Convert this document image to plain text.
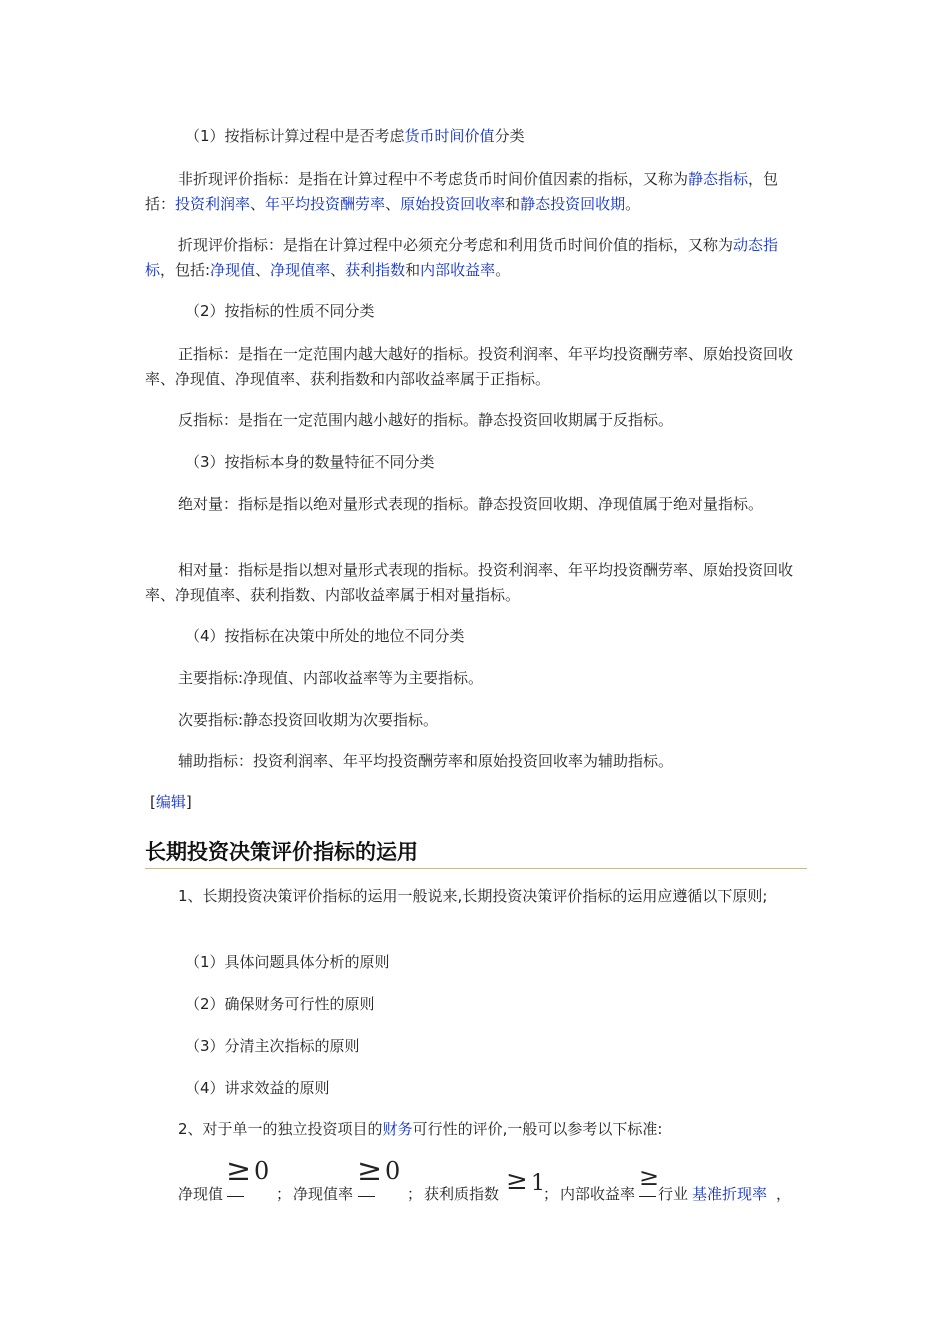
（1）按指标计算过程中是否考虑货币时间价值分类

非折现评价指标：是指在计算过程中不考虑货币时间价值因素的指标，又称为静态指标，包括：投资利润率、年平均投资酬劳率、原始投资回收率和静态投资回收期。

折现评价指标：是指在计算过程中必须充分考虑和利用货币时间价值的指标，又称为动态指标，包括:净现值、净现值率、获利指数和内部收益率。

（2）按指标的性质不同分类

正指标：是指在一定范围内越大越好的指标。投资利润率、年平均投资酬劳率、原始投资回收率、净现值、净现值率、获利指数和内部收益率属于正指标。

反指标：是指在一定范围内越小越好的指标。静态投资回收期属于反指标。

（3）按指标本身的数量特征不同分类

绝对量：指标是指以绝对量形式表现的指标。静态投资回收期、净现值属于绝对量指标。

相对量：指标是指以想对量形式表现的指标。投资利润率、年平均投资酬劳率、原始投资回收率、净现值率、获利指数、内部收益率属于相对量指标。

（4）按指标在决策中所处的地位不同分类

主要指标:净现值、内部收益率等为主要指标。

次要指标:静态投资回收期为次要指标。

辅助指标：投资利润率、年平均投资酬劳率和原始投资回收率为辅助指标。

[编辑]
长期投资决策评价指标的运用

1、长期投资决策评价指标的运用一般说来,长期投资决策评价指标的运用应遵循以下原则;

（1）具体问题具体分析的原则

（2）确保财务可行性的原则

（3）分清主次指标的原则

（4）讲求效益的原则

2、对于单一的独立投资项目的财务可行性的评价,一般可以参考以下标准:

净现值
≥ 0
； 净现值率
≥ 0
； 获利质指数 ≥ 1
； 内部收益率
≥
行业 基准折现率 ，
